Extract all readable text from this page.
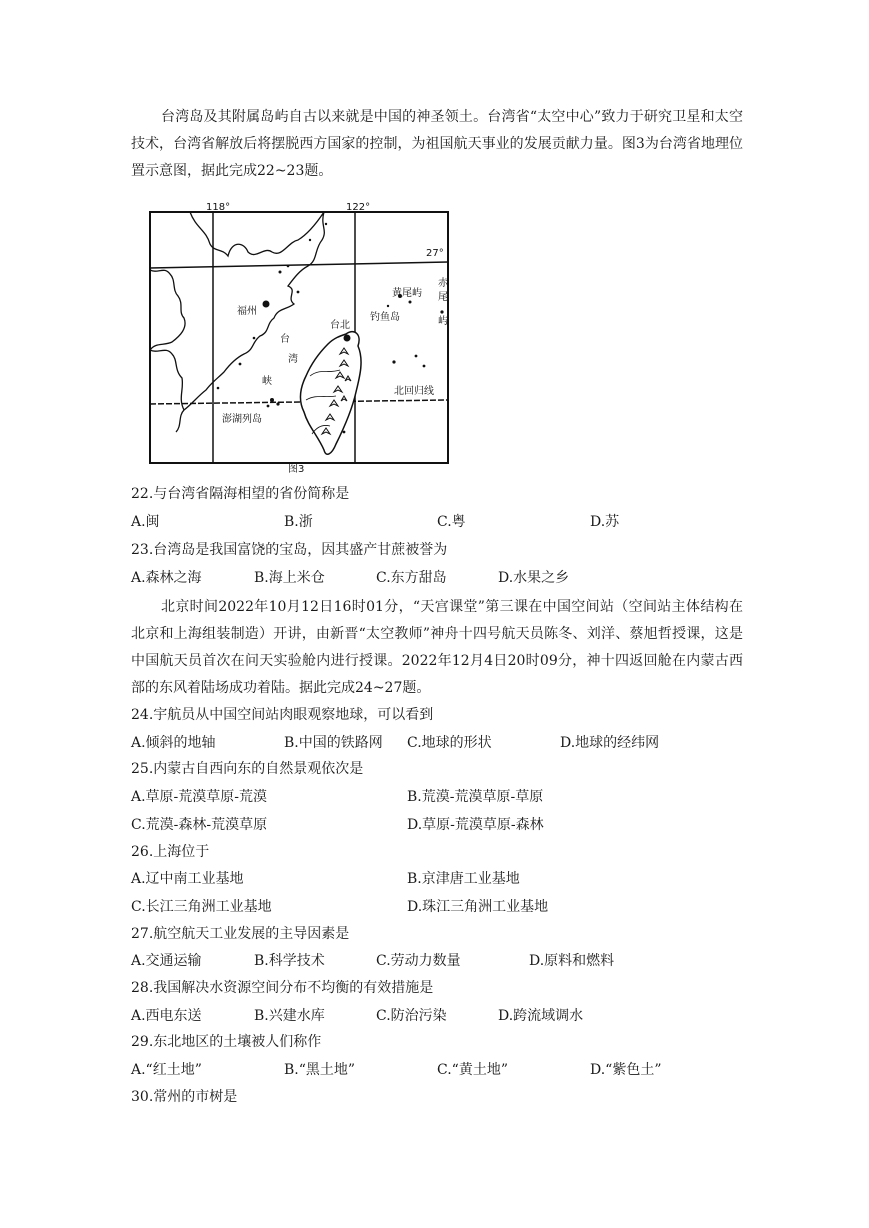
台湾岛及其附属岛屿自古以来就是中国的神圣领土。台湾省“太空中心”致力于研究卫星和太空技术，台湾省解放后将摆脱西方国家的控制，为祖国航天事业的发展贡献力量。图3为台湾省地理位置示意图，据此完成22~23题。

118°	122°
27°
福州
台
湾
峡
台北
钓鱼岛
黄尾屿
赤
尾
屿
北回归线
澎湖列岛
图3
22.与台湾省隔海相望的省份简称是
A.闽	B.浙	C.粤	D.苏
23.台湾岛是我国富饶的宝岛，因其盛产甘蔗被誉为
A.森林之海	B.海上米仓	C.东方甜岛	D.水果之乡

北京时间2022年10月12日16时01分，“天宫课堂”第三课在中国空间站（空间站主体结构在北京和上海组装制造）开讲，由新晋“太空教师”神舟十四号航天员陈冬、刘洋、蔡旭哲授课，这是中国航天员首次在问天实验舱内进行授课。2022年12月4日20时09分，神十四返回舱在内蒙古西部的东风着陆场成功着陆。据此完成24~27题。

24.宇航员从中国空间站肉眼观察地球，可以看到
A.倾斜的地轴	B.中国的铁路网 C.地球的形状	D.地球的经纬网
25.内蒙古自西向东的自然景观依次是
A.草原-荒漠草原-荒漠	B.荒漠-荒漠草原-草原
C.荒漠-森林-荒漠草原	D.草原-荒漠草原-森林
26.上海位于
A.辽中南工业基地	B.京津唐工业基地
C.长江三角洲工业基地	D.珠江三角洲工业基地
27.航空航天工业发展的主导因素是
A.交通运输	B.科学技术	C.劳动力数量	D.原料和燃料
28.我国解决水资源空间分布不均衡的有效措施是
A.西电东送	B.兴建水库	C.防治污染	D.跨流域调水
29.东北地区的土壤被人们称作
A.“红土地”	B.“黑土地”	C.“黄土地”	D.“紫色土”
30.常州的市树是
